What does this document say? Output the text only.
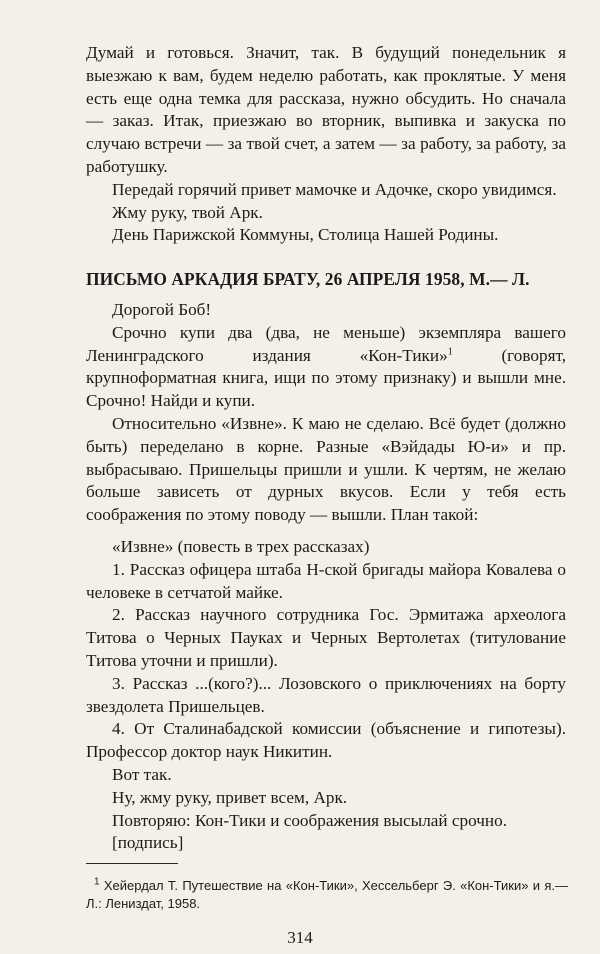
Думай и готовься. Значит, так. В будущий понедельник я выезжаю к вам, будем неделю работать, как проклятые. У меня есть еще одна темка для рассказа, нужно обсудить. Но сначала — заказ. Итак, приезжаю во вторник, выпивка и закуска по случаю встречи — за твой счет, а затем — за работу, за работу, за работушку.

Передай горячий привет мамочке и Адочке, скоро увидимся.

Жму руку, твой Арк.

День Парижской Коммуны, Столица Нашей Родины.

ПИСЬМО АРКАДИЯ БРАТУ, 26 АПРЕЛЯ 1958, М.— Л.

Дорогой Боб!

Срочно купи два (два, не меньше) экземпляра вашего Ленинградского издания «Кон-Тики»$^1$ (говорят, крупноформатная книга, ищи по этому признаку) и вышли мне. Срочно! Найди и купи.

Относительно «Извне». К маю не сделаю. Всё будет (должно быть) переделано в корне. Разные «Вэйдады Ю-и» и пр. выбрасываю. Пришельцы пришли и ушли. К чертям, не желаю больше зависеть от дурных вкусов. Если у тебя есть соображения по этому поводу — вышли. План такой:

«Извне» (повесть в трех рассказах)

1. Рассказ офицера штаба Н-ской бригады майора Ковалева о человеке в сетчатой майке.

2. Рассказ научного сотрудника Гос. Эрмитажа археолога Титова о Черных Пауках и Черных Вертолетах (титулование Титова уточни и пришли).

3. Рассказ ...(кого?)... Лозовского о приключениях на борту звездолета Пришельцев.

4. От Сталинабадской комиссии (объяснение и гипотезы). Профессор доктор наук Никитин.

Вот так.

Ну, жму руку, привет всем, Арк.

Повторяю: Кон-Тики и соображения высылай срочно.

[подпись]

$^1$ Хейердал Т. Путешествие на «Кон-Тики», Хессельберг Э. «Кон-Тики» и я.— Л.: Лениздат, 1958.
314
